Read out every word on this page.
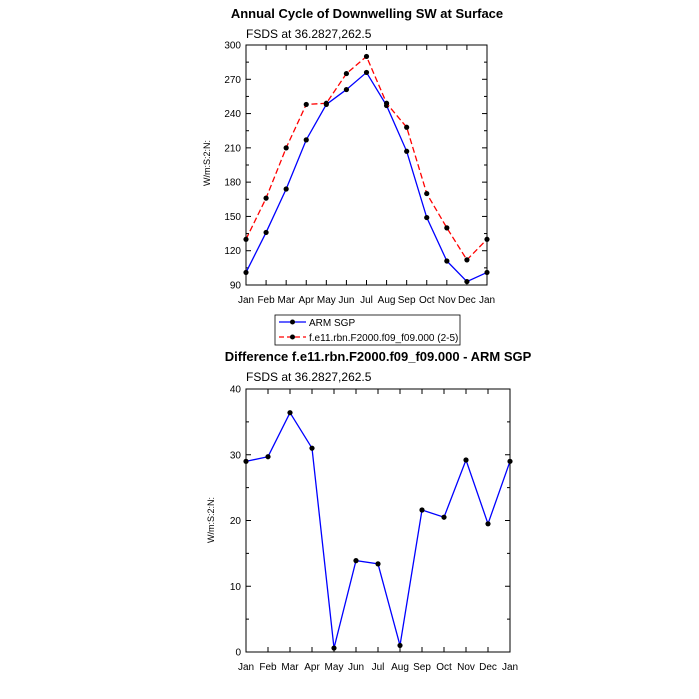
Annual Cycle of Downwelling SW at Surface
FSDS at 36.2827,262.5
W/m:S:2:N:
90
120
150
180
210
240
270
300
Jan Feb Mar Apr May Jun Jul Aug Sep Oct Nov Dec Jan
ARM SGP
f.e11.rbn.F2000.f09_f09.000 (2-5)
Difference f.e11.rbn.F2000.f09_f09.000 - ARM SGP
FSDS at 36.2827,262.5
W/m:S:2:N:
0
10
20
30
40
Jan Feb Mar Apr May Jun Jul Aug Sep Oct Nov Dec Jan
